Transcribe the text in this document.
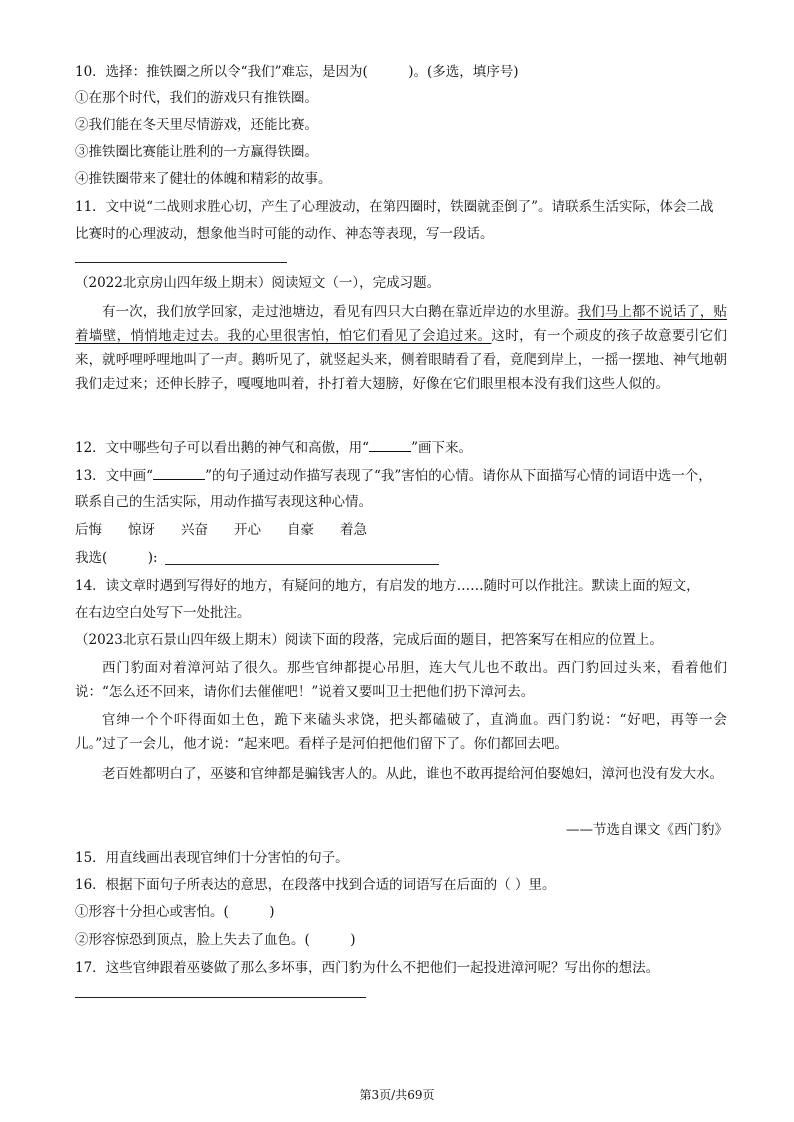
10．选择：推铁圈之所以令“我们”难忘，是因为(　　　)。(多选，填序号)
①在那个时代，我们的游戏只有推铁圈。
②我们能在冬天里尽情游戏，还能比赛。
③推铁圈比赛能让胜利的一方赢得铁圈。
④推铁圈带来了健壮的体魄和精彩的故事。
11．文中说“二战则求胜心切，产生了心理波动，在第四圈时，铁圈就歪倒了”。请联系生活实际，体会二战
比赛时的心理波动，想象他当时可能的动作、神态等表现，写一段话。
（2022北京房山四年级上期末）阅读短文（一），完成习题。
有一次，我们放学回家，走过池塘边，看见有四只大白鹅在靠近岸边的水里游。我们马上都不说话了，贴着墙壁，悄悄地走过去。我的心里很害怕，怕它们看见了会追过来。这时，有一个顽皮的孩子故意要引它们来，就呼哩呼哩地叫了一声。鹅听见了，就竖起头来，侧着眼睛看了看，竟爬到岸上，一摇一摆地、神气地朝我们走过来；还伸长脖子，嘎嘎地叫着，扑打着大翅膀，好像在它们眼里根本没有我们这些人似的。
12．文中哪些句子可以看出鹅的神气和高傲，用“	”画下来。
13．文中画“	”的句子通过动作描写表现了“我”害怕的心情。请你从下面描写心情的词语中选一个，
联系自己的生活实际，用动作描写表现这种心情。
后悔 惊讶 兴奋 开心 自豪 着急
我选(　　　):
14．读文章时遇到写得好的地方，有疑问的地方，有启发的地方……随时可以作批注。默读上面的短文，
在右边空白处写下一处批注。
（2023北京石景山四年级上期末）阅读下面的段落，完成后面的题目，把答案写在相应的位置上。
西门豹面对着漳河站了很久。那些官绅都提心吊胆，连大气儿也不敢出。西门豹回过头来，看着他们说：“怎么还不回来，请你们去催催吧！”说着又要叫卫士把他们扔下漳河去。
官绅一个个吓得面如土色，跪下来磕头求饶，把头都磕破了，直淌血。西门豹说：“好吧，再等一会儿。”过了一会儿，他才说：“起来吧。看样子是河伯把他们留下了。你们都回去吧。
老百姓都明白了，巫婆和官绅都是骗钱害人的。从此，谁也不敢再提给河伯娶媳妇，漳河也没有发大水。
——节选自课文《西门豹》
15．用直线画出表现官绅们十分害怕的句子。
16．根据下面句子所表达的意思，在段落中找到合适的词语写在后面的（ ）里。
①形容十分担心或害怕。(　　　)
②形容惊恐到顶点，脸上失去了血色。(　　　)
17．这些官绅跟着巫婆做了那么多坏事，西门豹为什么不把他们一起投进漳河呢？写出你的想法。
第3页/共69页
